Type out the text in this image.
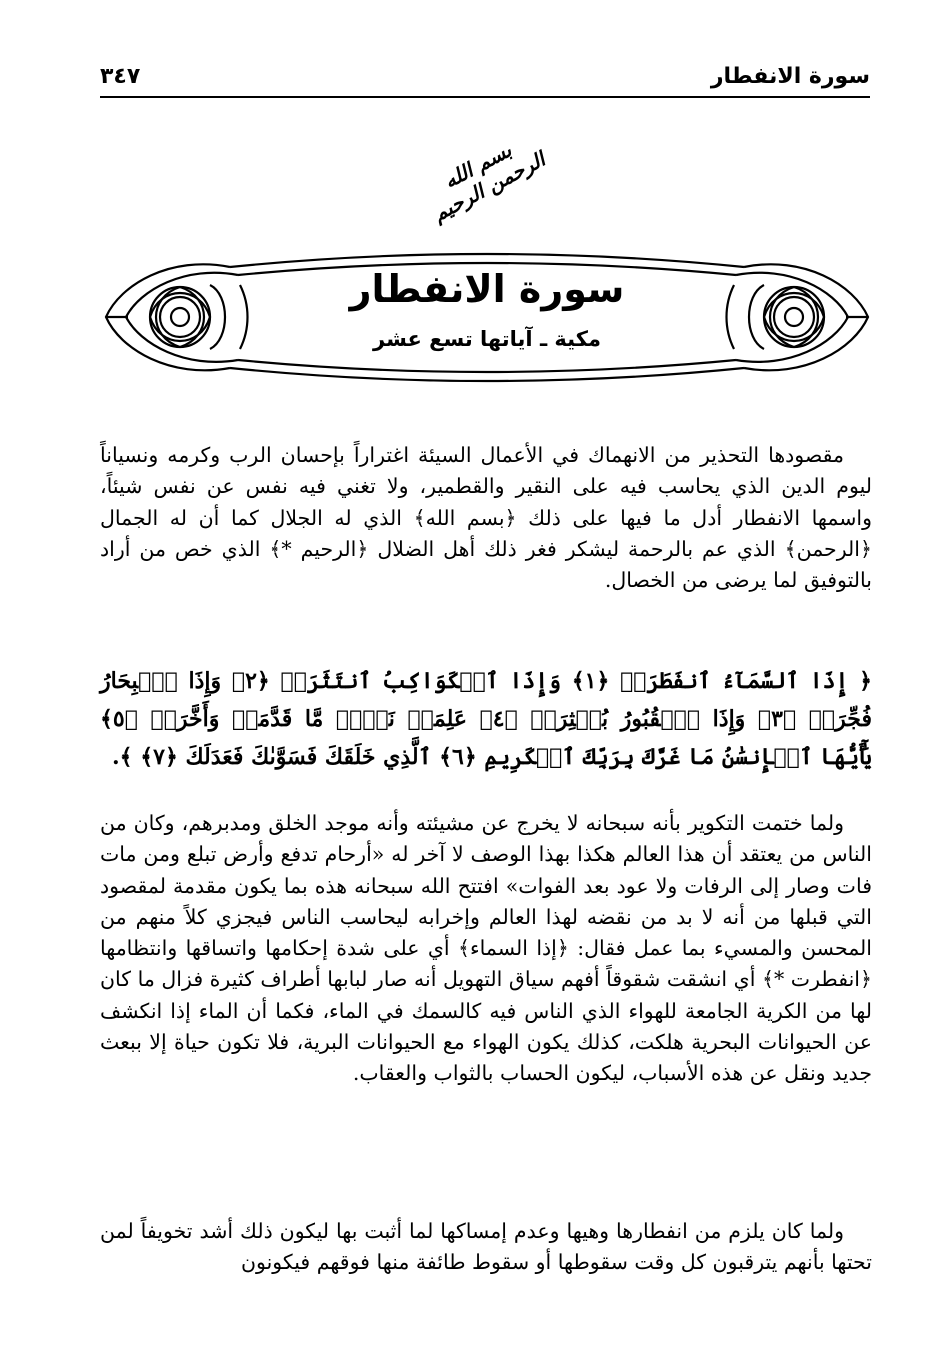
سورة الانفطار
٣٤٧
بسم الله الرحمن الرحيم
سورة الانفطار
مكية ـ آياتها تسع عشر

مقصودها التحذير من الانهماك في الأعمال السيئة اغتراراً بإحسان الرب وكرمه ونسياناً ليوم الدين الذي يحاسب فيه على النقير والقطمير، ولا تغني فيه نفس عن نفس شيئاً، واسمها الانفطار أدل ما فيها على ذلك ﴿بسم الله﴾ الذي له الجلال كما أن له الجمال ﴿الرحمن﴾ الذي عم بالرحمة ليشكر فغر ذلك أهل الضلال ﴿الرحيم *﴾ الذي خص من أراد بالتوفيق لما يرضى من الخصال.

﴿ إِذَا ٱلسَّمَآءُ ٱنفَطَرَتۡ ﴿١﴾ وَإِذَا ٱلۡكَوَاكِبُ ٱنتَثَرَتۡ ﴿٢﴾ وَإِذَا ٱلۡبِحَارُ فُجِّرَتۡ ﴿٣﴾ وَإِذَا ٱلۡقُبُورُ بُعۡثِرَتۡ ﴿٤﴾ عَلِمَتۡ نَفۡسٞ مَّا قَدَّمَتۡ وَأَخَّرَتۡ ﴿٥﴾ يَٰٓأَيُّهَا ٱلۡإِنسَٰنُ مَا غَرَّكَ بِرَبِّكَ ٱلۡكَرِيمِ ﴿٦﴾ ٱلَّذِي خَلَقَكَ فَسَوَّىٰكَ فَعَدَلَكَ ﴿٧﴾ ﴾.

ولما ختمت التكوير بأنه سبحانه لا يخرج عن مشيئته وأنه موجد الخلق ومدبرهم، وكان من الناس من يعتقد أن هذا العالم هكذا بهذا الوصف لا آخر له «أرحام تدفع وأرض تبلع ومن مات فات وصار إلى الرفات ولا عود بعد الفوات» افتتح الله سبحانه هذه بما يكون مقدمة لمقصود التي قبلها من أنه لا بد من نقضه لهذا العالم وإخرابه ليحاسب الناس فيجزي كلاً منهم من المحسن والمسيء بما عمل فقال: ﴿إذا السماء﴾ أي على شدة إحكامها واتساقها وانتظامها ﴿انفطرت *﴾ أي انشقت شقوقاً أفهم سياق التهويل أنه صار لبابها أطراف كثيرة فزال ما كان لها من الكرية الجامعة للهواء الذي الناس فيه كالسمك في الماء، فكما أن الماء إذا انكشف عن الحيوانات البحرية هلكت، كذلك يكون الهواء مع الحيوانات البرية، فلا تكون حياة إلا ببعث جديد ونقل عن هذه الأسباب، ليكون الحساب بالثواب والعقاب.

ولما كان يلزم من انفطارها وهيها وعدم إمساكها لما أثبت بها ليكون ذلك أشد تخويفاً لمن تحتها بأنهم يترقبون كل وقت سقوطها أو سقوط طائفة منها فوقهم فيكونون
